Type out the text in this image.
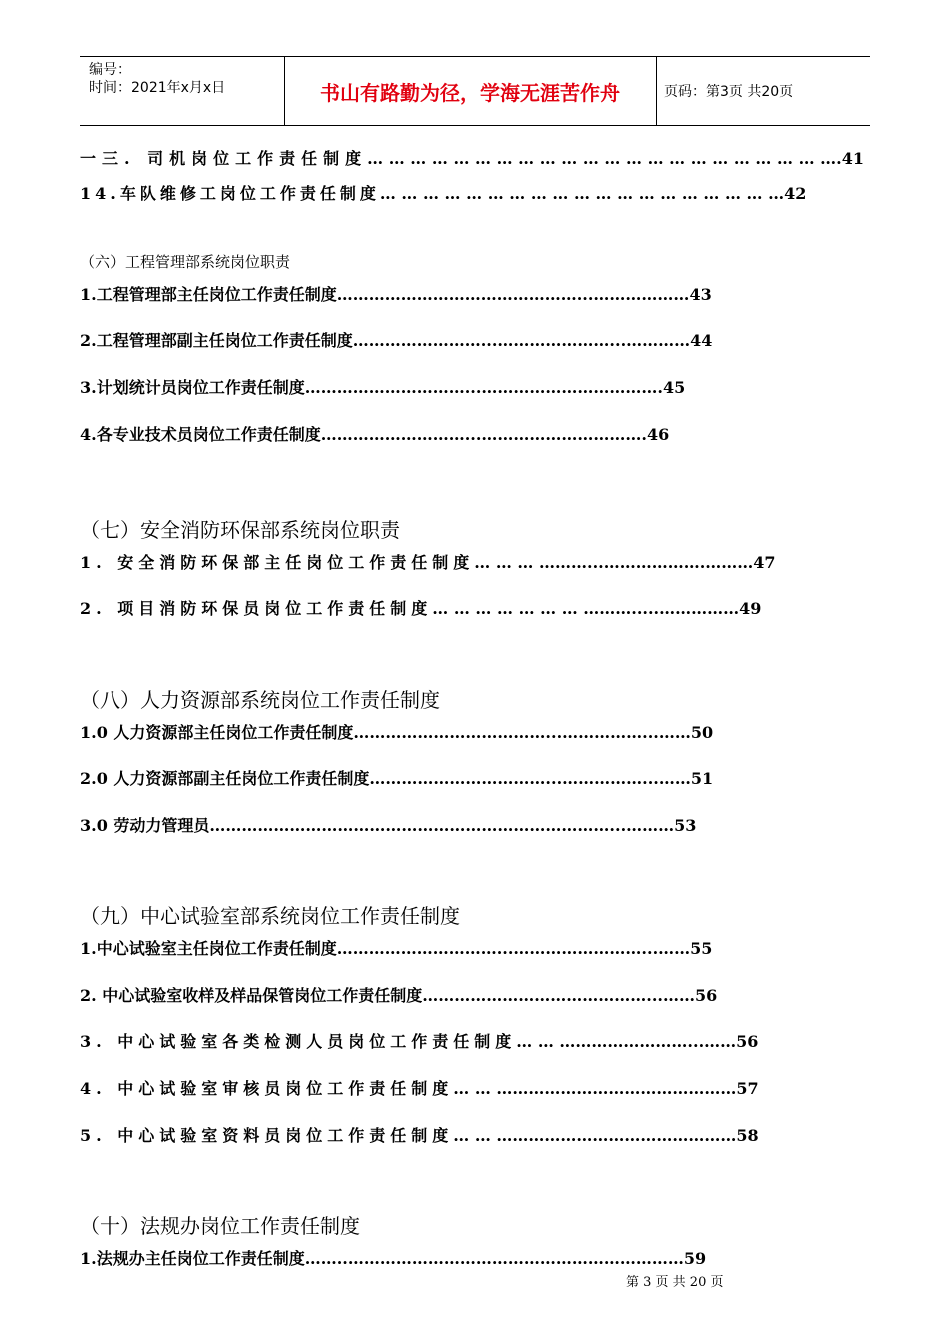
编号：
时间：2021年x月x日	书山有路勤为径，学海无涯苦作舟	页码：第3页 共20页
一三. 司机岗位工作责任制度… … … … … … … … … … … … … … … … … … … … … ….41
14.车队维修工岗位工作责任制度… … … … … … … … … … … … … … … … … … …42
（六）工程管理部系统岗位职责
1.工程管理部主任岗位工作责任制度………………………………………...………………43
2.工程管理部副主任岗位工作责任制度……………………...…………………...…………44
3.计划统计员岗位工作责任制度…………………………...…………………………….45
4.各专业技术员岗位工作责任制度………………………...………………………….46
（七）安全消防环保部系统岗位职责
1. 安全消防环保部主任岗位工作责任制度… … … ………...……………….………47
2. 项目消防环保员岗位工作责任制度… … … … … … … ……….....……………49
（八）人力资源部系统岗位工作责任制度
1.0 人力资源部主任岗位工作责任制度………………………………...……………...……50
2.0 人力资源部副主任岗位工作责任制度……………………………...……………...……51
3.0 劳动力管理员…………………………………………………………………...………53
（九）中心试验室部系统岗位工作责任制度
1.中心试验室主任岗位工作责任制度…………………………...……………………...……55
2. 中心试验室收样及样品保管岗位工作责任制度……………………………………...……56
3. 中心试验室各类检测人员岗位工作责任制度… … ……………………...……56
4. 中心试验室审核员岗位工作责任制度… … ………………………………………57
5. 中心试验室资料员岗位工作责任制度… … ………………………………………58
（十）法规办岗位工作责任制度
1.法规办主任岗位工作责任制度……..………………………………………………………59
第 3 页 共 20 页
